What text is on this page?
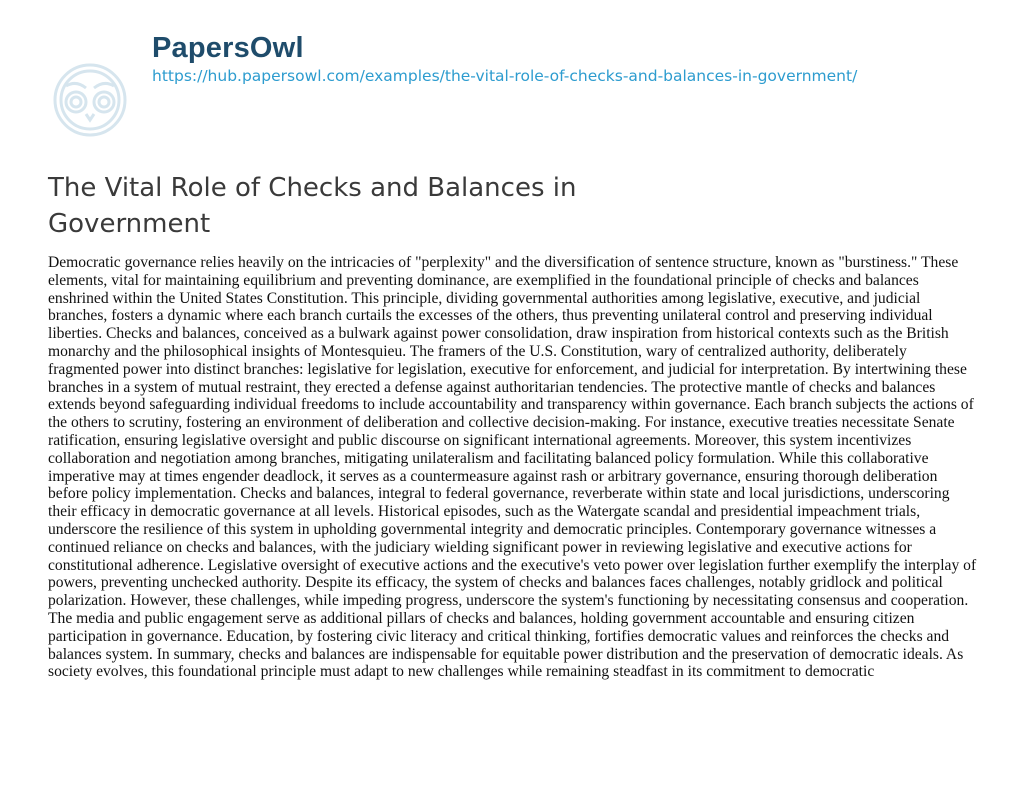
PapersOwl
https://hub.papersowl.com/examples/the-vital-role-of-checks-and-balances-in-government/
The Vital Role of Checks and Balances in Government

Democratic governance relies heavily on the intricacies of "perplexity" and the diversification of sentence structure, known as "burstiness." These elements, vital for maintaining equilibrium and preventing dominance, are exemplified in the foundational principle of checks and balances enshrined within the United States Constitution. This principle, dividing governmental authorities among legislative, executive, and judicial branches, fosters a dynamic where each branch curtails the excesses of the others, thus preventing unilateral control and preserving individual liberties. Checks and balances, conceived as a bulwark against power consolidation, draw inspiration from historical contexts such as the British monarchy and the philosophical insights of Montesquieu. The framers of the U.S. Constitution, wary of centralized authority, deliberately fragmented power into distinct branches: legislative for legislation, executive for enforcement, and judicial for interpretation. By intertwining these branches in a system of mutual restraint, they erected a defense against authoritarian tendencies. The protective mantle of checks and balances extends beyond safeguarding individual freedoms to include accountability and transparency within governance. Each branch subjects the actions of the others to scrutiny, fostering an environment of deliberation and collective decision-making. For instance, executive treaties necessitate Senate ratification, ensuring legislative oversight and public discourse on significant international agreements. Moreover, this system incentivizes collaboration and negotiation among branches, mitigating unilateralism and facilitating balanced policy formulation. While this collaborative imperative may at times engender deadlock, it serves as a countermeasure against rash or arbitrary governance, ensuring thorough deliberation before policy implementation. Checks and balances, integral to federal governance, reverberate within state and local jurisdictions, underscoring their efficacy in democratic governance at all levels. Historical episodes, such as the Watergate scandal and presidential impeachment trials, underscore the resilience of this system in upholding governmental integrity and democratic principles. Contemporary governance witnesses a continued reliance on checks and balances, with the judiciary wielding significant power in reviewing legislative and executive actions for constitutional adherence. Legislative oversight of executive actions and the executive's veto power over legislation further exemplify the interplay of powers, preventing unchecked authority. Despite its efficacy, the system of checks and balances faces challenges, notably gridlock and political polarization. However, these challenges, while impeding progress, underscore the system's functioning by necessitating consensus and cooperation. The media and public engagement serve as additional pillars of checks and balances, holding government accountable and ensuring citizen participation in governance. Education, by fostering civic literacy and critical thinking, fortifies democratic values and reinforces the checks and balances system. In summary, checks and balances are indispensable for equitable power distribution and the preservation of democratic ideals. As society evolves, this foundational principle must adapt to new challenges while remaining steadfast in its commitment to democratic
